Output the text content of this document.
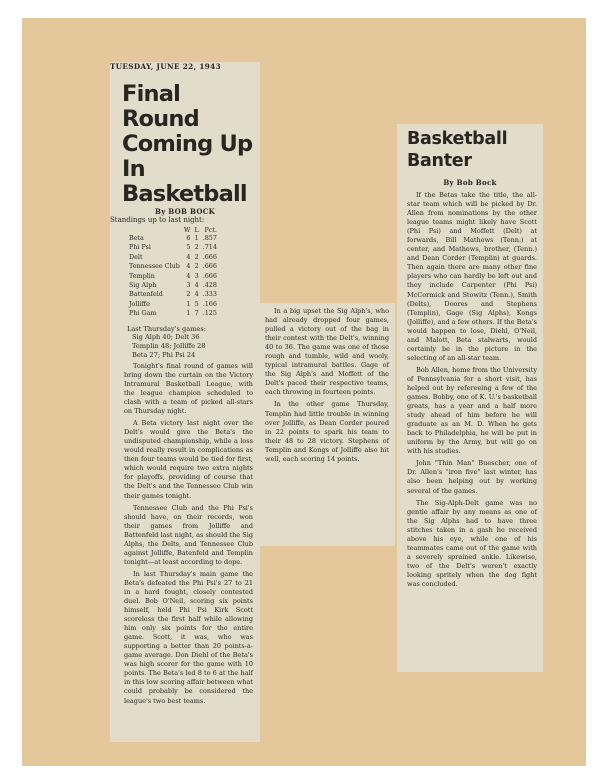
TUESDAY, JUNE 22, 1943

Final Round
Coming Up
In Basketball

By BOB BOCK

Standings up to last night:

	W	L	Pct.
Beta	6	1	.857
Phi Psi	5	2	.714
Delt	4	2	.666
Tennessee Club	4	2	.666
Templin	4	3	.666
Sig Alph	3	4	.428
Battenfeld	2	4	.333
Jolliffe	1	5	.166
Phi Gam	1	7	.125
Last Thursday's games:
Sig Alph 40; Delt 36
Templin 48; Jolliffe 28
Beta 27; Phi Psi 24

Tonight's final round of games will bring down the curtain on the Victory Intramural Basketball League, with the league champion scheduled to clash with a team of picked all-stars on Thursday night.

A Beta victory last night over the Delt's would give the Beta's the undisputed championship, while a loss would really result in complications as then four teams would be tied for first, which would require two extra nights for playoffs, providing of course that the Delt's and the Tennessee Club win their games tonight.

Tennessee Club and the Phi Psi's should have, on their records, won their games from Jolliffe and Battenfeld last night, as should the Sig Alphs, the Delts, and Tennessee Club against Jolliffe, Batenfeld and Templin tonight—at least according to dope.

In last Thursday's main game the Beta's defeated the Phi Psi's 27 to 21 in a hard fought, closely contested duel. Bob O'Neil, scoring six points himself, held Phi Psi Kirk Scott scoreless the first half while allowing him only six points for the entire game. Scott, it was, who was supporting a better than 20 points-a-game average. Don Diehl of the Beta's was high scorer for the game with 10 points. The Beta's led 8 to 6 at the half in this low scoring affair between what could probably be considered the league's two best teams.

In a big upset the Sig Alph's, who had already dropped four games, pulled a victory out of the bag in their contest with the Delt's, winning 40 to 36. The game was one of those rough and tumble, wild and wooly, typical intramural battles. Gage of the Sig Alph's and Moffett of the Delt's paced their respective teams, each throwing in fourteen points.

In the other game Thursday, Templin had little trouble in winning over Jolliffe, as Dean Corder poured in 22 points to spark his team to their 48 to 28 victory. Stephens of Templin and Kongs of Jolliffe also hit well, each scoring 14 points.

Basketball
Banter

By Bob Bock

If the Betas take the title, the all-star team which will be picked by Dr. Allen from nominations by the other league teams might likely have Scott (Phi Psi) and Moffett (Delt) at forwards, Bill Mathews (Tenn.) at center, and Mathews, brother, (Tenn.) and Dean Corder (Templin) at guards. Then again there are many other fine players who can hardly be left out and they include Carpenter (Phi Psi) McCormick and Stowitz (Tenn.), Smith (Delts), Doores and Stephens (Templin), Gage (Sig Alphs), Kongs (Jolliffe), and a few others. If the Beta's would happen to lose, Diehl, O'Neil, and Malott, Beta stalwarts, would certainly be in the picture in the selecting of an all-star team.

Bob Allen, home from the University of Pennsylvania for a short visit, has helped out by refereeing a few of the games. Bobby, one of K. U.'s basketball greats, has a year and a half more study ahead of him before he will graduate as an M. D. When he gets back to Philadelphia, he will be put in uniform by the Army, but will go on with his studies.

John "Thin Man" Buescher, one of Dr. Allen's "iron five" last winter, has also been helping out by working several of the games.

The Sig-Alph-Delt game was no gentle affair by any means as one of the Sig Alphs had to have three stitches taken in a gash he received above his eye, while one of his teammates came out of the game with a severely sprained ankle. Likewise, two of the Delt's weren't exactly looking spritely when the dog fight was concluded.
